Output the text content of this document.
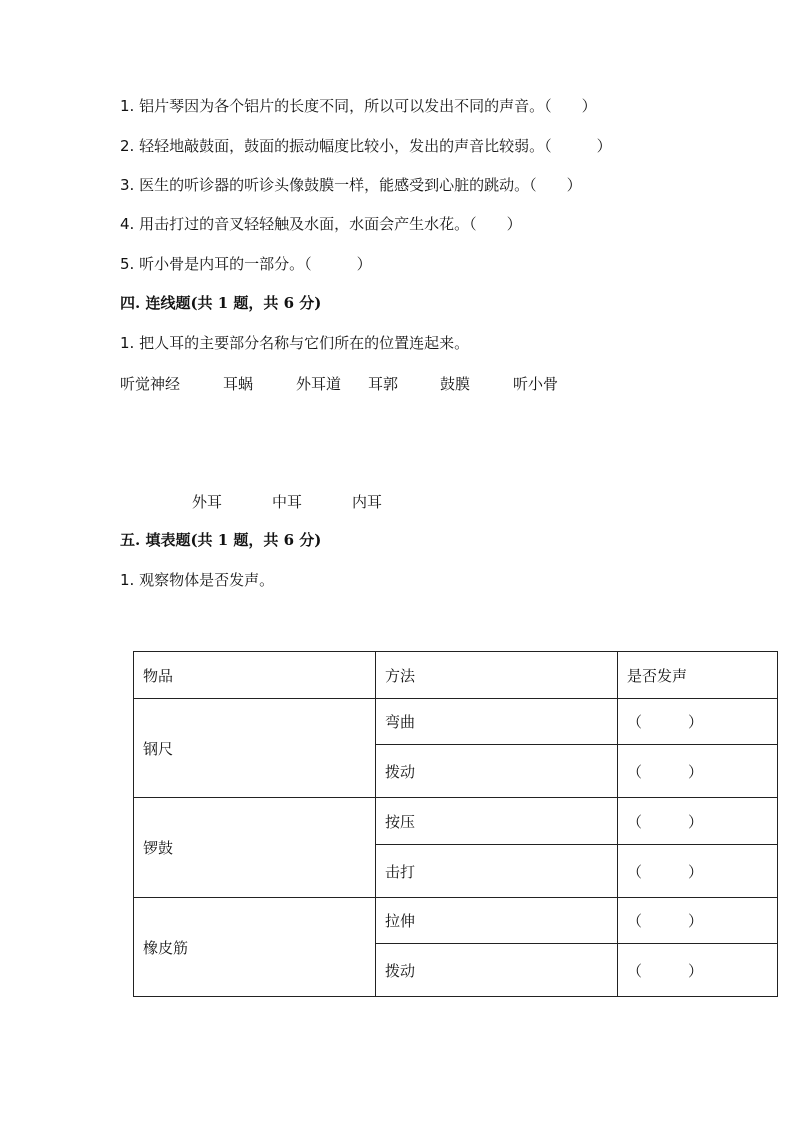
1. 铝片琴因为各个铝片的长度不同，所以可以发出不同的声音。（　　）
2. 轻轻地敲鼓面，鼓面的振动幅度比较小，发出的声音比较弱。（　　　）
3. 医生的听诊器的听诊头像鼓膜一样，能感受到心脏的跳动。（　　）
4. 用击打过的音叉轻轻触及水面，水面会产生水花。（　　）
5. 听小骨是内耳的一部分。（　　　）
四. 连线题(共 1 题，共 6 分)
1. 把人耳的主要部分名称与它们所在的位置连起来。
听觉神经	耳蜗	外耳道 耳郭	鼓膜	听小骨
外耳	中耳	内耳
五. 填表题(共 1 题，共 6 分)
1. 观察物体是否发声。
物品	方法	是否发声
钢尺	弯曲	（ ）

	拨动	（ ）

锣鼓	按压	（ ）

	击打	（ ）

橡皮筋	拉伸	（ ）

	拨动	（ ）
